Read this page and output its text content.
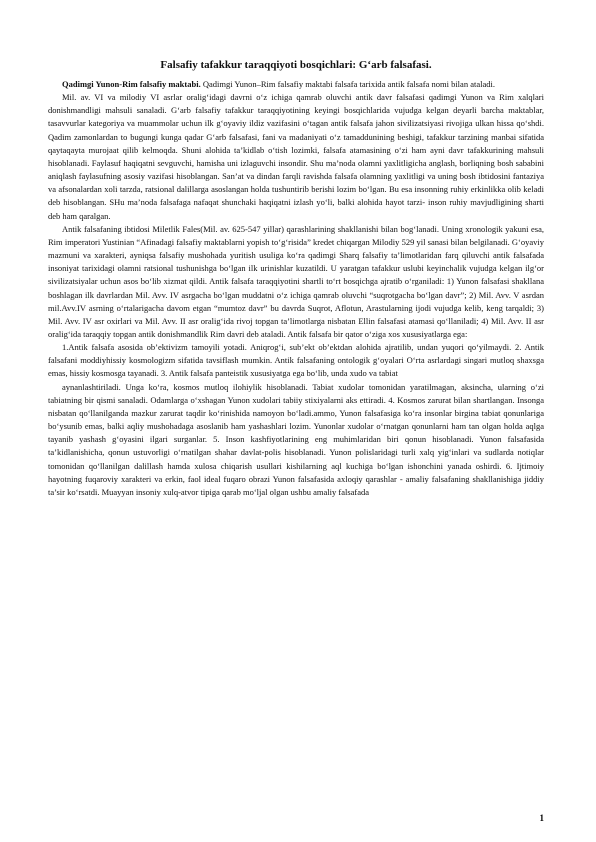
Falsafiy tafakkur taraqqiyoti bosqichlari: G‘arb falsafasi.

Qadimgi Yunon-Rim falsafiy maktabi. Qadimgi Yunon–Rim falsafiy maktabi falsafa tarixida antik falsafa nomi bilan ataladi.

Mil. av. VI va milodiy VI asrlar oralig‘idagi davrni o‘z ichiga qamrab oluvchi antik davr falsafasi qadimgi Yunon va Rim xalqlari donishmandligi mahsuli sanaladi. G‘arb falsafiy tafakkur taraqqiyotining keyingi bosqichlarida vujudga kelgan deyarli barcha maktablar, tasavvurlar kategoriya va muammolar uchun ilk g‘oyaviy ildiz vazifasini o‘tagan antik falsafa jahon sivilizatsiyasi rivojiga ulkan hissa qo‘shdi. Qadim zamonlardan to bugungi kunga qadar G‘arb falsafasi, fani va madaniyati o‘z tamaddunining beshigi, tafakkur tarzining manbai sifatida qaytaqayta murojaat qilib kelmoqda. Shuni alohida ta’kidlab o‘tish lozimki, falsafa atamasining o‘zi ham ayni davr tafakkurining mahsuli hisoblanadi. Faylasuf haqiqatni sevguvchi, hamisha uni izlaguvchi insondir. Shu ma’noda olamni yaxlitligicha anglash, borliqning bosh sababini aniqlash faylasufning asosiy vazifasi hisoblangan. San’at va dindan farqli ravishda falsafa olamning yaxlitligi va uning bosh ibtidosini fantaziya va afsonalardan xoli tarzda, ratsional dalillarga asoslangan holda tushuntirib berishi lozim bo‘lgan. Bu esa insonning ruhiy erkinlikka olib keladi deb hisoblangan. SHu ma’noda falsafaga nafaqat shunchaki haqiqatni izlash yo‘li, balki alohida hayot tarzi- inson ruhiy mavjudligining sharti deb ham qaralgan.

Antik falsafaning ibtidosi Miletlik Fales(Mil. av. 625-547 yillar) qarashlarining shakllanishi bilan bog‘lanadi. Uning xronologik yakuni esa, Rim imperatori Yustinian “Afinadagi falsafiy maktablarni yopish to‘g‘risida” kredet chiqargan Milodiy 529 yil sanasi bilan belgilanadi. G‘oyaviy mazmuni va xarakteri, ayniqsa falsafiy mushohada yuritish usuliga ko‘ra qadimgi Sharq falsafiy ta’limotlaridan farq qiluvchi antik falsafada insoniyat tarixidagi olamni ratsional tushunishga bo‘lgan ilk urinishlar kuzatildi. U yaratgan tafakkur uslubi keyinchalik vujudga kelgan ilg‘or sivilizatsiyalar uchun asos bo‘lib xizmat qildi. Antik falsafa taraqqiyotini shartli to‘rt bosqichga ajratib o‘rganiladi: 1) Yunon falsafasi shakllana boshlagan ilk davrlardan Mil. Avv. IV asrgacha bo‘lgan muddatni o‘z ichiga qamrab oluvchi “suqrotgacha bo‘lgan davr”; 2) Mil. Avv. V asrdan mil.Avv.IV asrning o‘rtalarigacha davom etgan “mumtoz davr” bu davrda Suqrot, Aflotun, Arastularning ijodi vujudga kelib, keng tarqaldi; 3) Mil. Avv. IV asr oxirlari va Mil. Avv. II asr oralig‘ida rivoj topgan ta’limotlarga nisbatan Ellin falsafasi atamasi qo‘llaniladi; 4) Mil. Avv. II asr oralig‘ida taraqqiy topgan antik donishmandlik Rim davri deb ataladi. Antik falsafa bir qator o‘ziga xos xususiyatlarga ega:

1.Antik falsafa asosida ob’ektivizm tamoyili yotadi. Aniqrog‘i, sub’ekt ob’ektdan alohida ajratilib, undan yuqori qo‘yilmaydi. 2. Antik falsafani moddiyhissiy kosmologizm sifatida tavsiflash mumkin. Antik falsafaning ontologik g‘oyalari O‘rta asrlardagi singari mutloq shaxsga emas, hissiy kosmosga tayanadi. 3. Antik falsafa panteistik xususiyatga ega bo‘lib, unda xudo va tabiat

aynanlashtiriladi. Unga ko‘ra, kosmos mutloq ilohiylik hisoblanadi. Tabiat xudolar tomonidan yaratilmagan, aksincha, ularning o‘zi tabiatning bir qismi sanaladi. Odamlarga o‘xshagan Yunon xudolari tabiiy stixiyalarni aks ettiradi. 4. Kosmos zarurat bilan shartlangan. Insonga nisbatan qo‘llanilganda mazkur zarurat taqdir ko‘rinishida namoyon bo‘ladi.ammo, Yunon falsafasiga ko‘ra insonlar birgina tabiat qonunlariga bo‘ysunib emas, balki aqliy mushohadaga asoslanib ham yashashlari lozim. Yunonlar xudolar o‘rnatgan qonunlarni ham tan olgan holda aqlga tayanib yashash g‘oyasini ilgari surganlar. 5. Inson kashfiyotlarining eng muhimlaridan biri qonun hisoblanadi. Yunon falsafasida ta’kidlanishicha, qonun ustuvorligi o‘rnatilgan shahar davlat-polis hisoblanadi. Yunon polislaridagi turli xalq yig‘inlari va sudlarda notiqlar tomonidan qo‘llanilgan dalillash hamda xulosa chiqarish usullari kishilarning aql kuchiga bo‘lgan ishonchini yanada oshirdi. 6. Ijtimoiy hayotning fuqaroviy xarakteri va erkin, faol ideal fuqaro obrazi Yunon falsafasida axloqiy qarashlar - amaliy falsafaning shakllanishiga jiddiy ta’sir ko‘rsatdi. Muayyan insoniy xulq-atvor tipiga qarab mo‘ljal olgan ushbu amaliy falsafada

1
